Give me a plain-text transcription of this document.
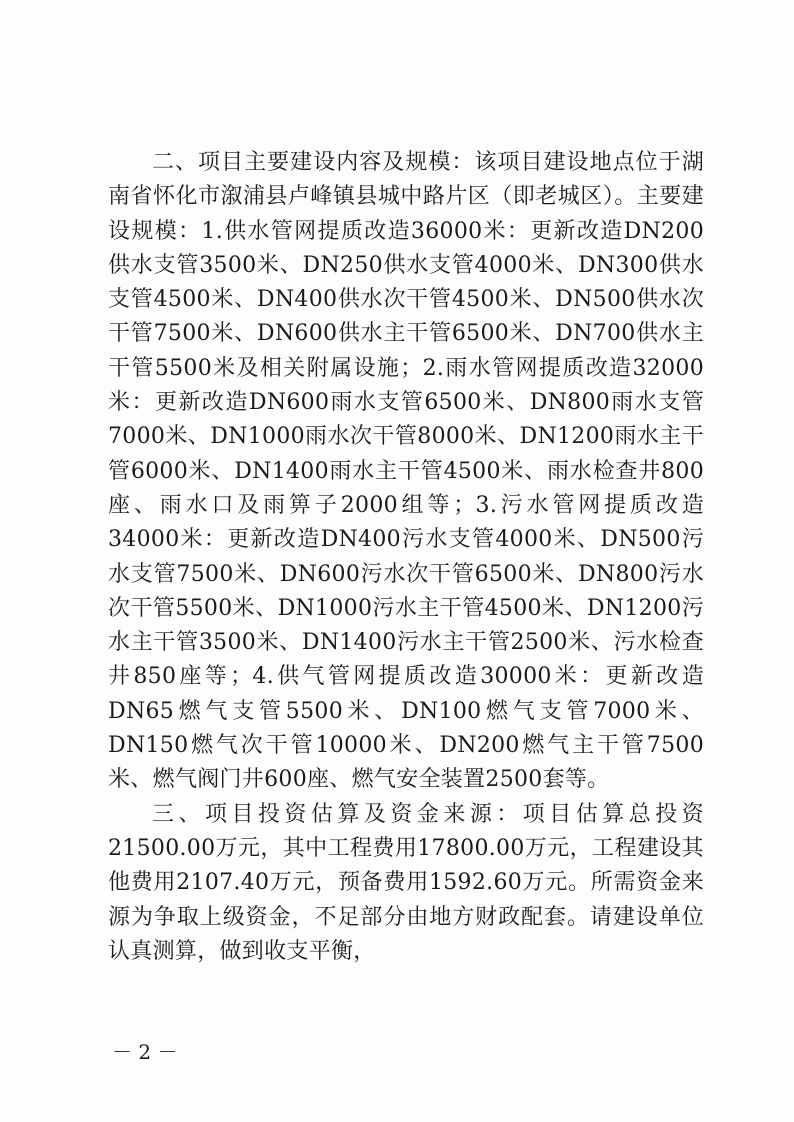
二、项目主要建设内容及规模：该项目建设地点位于湖南省怀化市溆浦县卢峰镇县城中路片区（即老城区）。主要建设规模：1.供水管网提质改造36000米：更新改造DN200供水支管3500米、DN250供水支管4000米、DN300供水支管4500米、DN400供水次干管4500米、DN500供水次干管7500米、DN600供水主干管6500米、DN700供水主干管5500米及相关附属设施；2.雨水管网提质改造32000米：更新改造DN600雨水支管6500米、DN800雨水支管7000米、DN1000雨水次干管8000米、DN1200雨水主干管6000米、DN1400雨水主干管4500米、雨水检查井800座、雨水口及雨箅子2000组等；3.污水管网提质改造34000米：更新改造DN400污水支管4000米、DN500污水支管7500米、DN600污水次干管6500米、DN800污水次干管5500米、DN1000污水主干管4500米、DN1200污水主干管3500米、DN1400污水主干管2500米、污水检查井850座等；4.供气管网提质改造30000米：更新改造DN65燃气支管5500米、DN100燃气支管7000米、DN150燃气次干管10000米、DN200燃气主干管7500米、燃气阀门井600座、燃气安全装置2500套等。

三、项目投资估算及资金来源：项目估算总投资21500.00万元，其中工程费用17800.00万元，工程建设其他费用2107.40万元，预备费用1592.60万元。所需资金来源为争取上级资金，不足部分由地方财政配套。请建设单位认真测算，做到收支平衡，

－ 2 －
